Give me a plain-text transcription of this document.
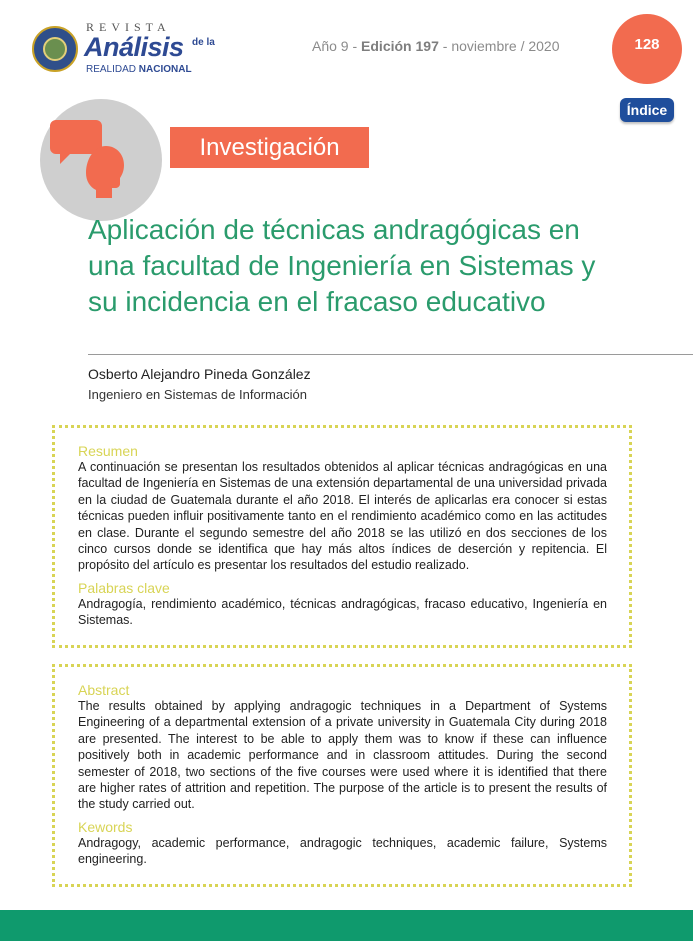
REVISTA
Análisis de la
REALIDAD NACIONAL
Año 9 - Edición 197 - noviembre / 2020	128
Índice
Investigación
Aplicación de técnicas andragógicas en una facultad de Ingeniería en Sistemas y su incidencia en el fracaso educativo
Osberto Alejandro Pineda González
Ingeniero en Sistemas de Información

Resumen

A continuación se presentan los resultados obtenidos al aplicar técnicas andragógicas en una facultad de Ingeniería en Sistemas de una extensión departamental de una universidad privada en la ciudad de Guatemala durante el año 2018. El interés de aplicarlas era conocer si estas técnicas pueden influir positivamente tanto en el rendimiento académico como en las actitudes en clase. Durante el segundo semestre del año 2018 se las utilizó en dos secciones de los cinco cursos donde se identifica que hay más altos índices de deserción y repitencia. El propósito del artículo es presentar los resultados del estudio realizado.

Palabras clave

Andragogía, rendimiento académico, técnicas andragógicas, fracaso educativo, Ingeniería en Sistemas.

Abstract

The results obtained by applying andragogic techniques in a Department of Systems Engineering of a departmental extension of a private university in Guatemala City during 2018 are presented. The interest to be able to apply them was to know if these can influence positively both in academic performance and in classroom attitudes. During the second semester of 2018, two sections of the five courses were used where it is identified that there are higher rates of attrition and repetition. The purpose of the article is to present the results of the study carried out.

Kewords

Andragogy, academic performance, andragogic techniques, academic failure, Systems engineering.
